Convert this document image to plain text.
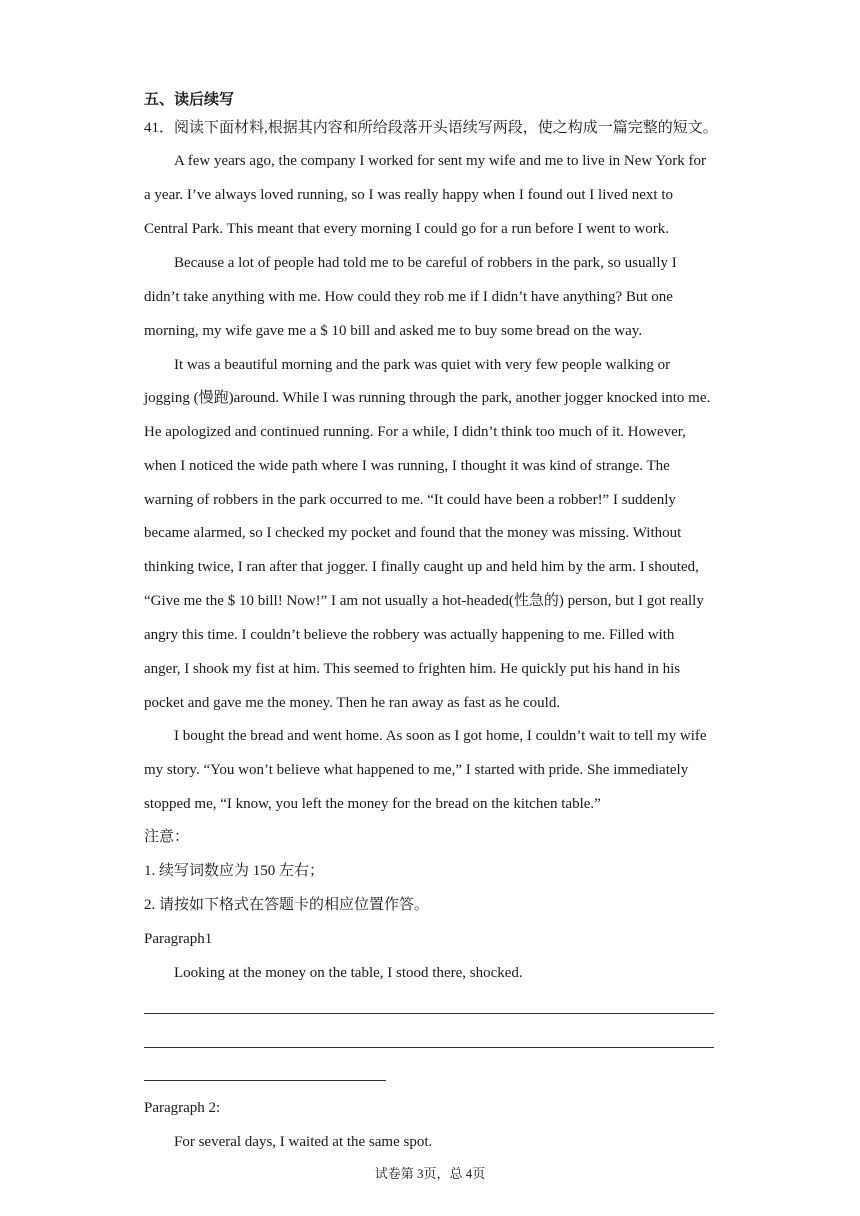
五、读后续写
41．阅读下面材料,根据其内容和所给段落开头语续写两段，使之构成一篇完整的短文。
A few years ago, the company I worked for sent my wife and me to live in New York for
a year. I’ve always loved running, so I was really happy when I found out I lived next to
Central Park. This meant that every morning I could go for a run before I went to work.
Because a lot of people had told me to be careful of robbers in the park, so usually I
didn’t take anything with me. How could they rob me if I didn’t have anything? But one
morning, my wife gave me a $ 10 bill and asked me to buy some bread on the way.
It was a beautiful morning and the park was quiet with very few people walking or
jogging (慢跑)around. While I was running through the park, another jogger knocked into me.
He apologized and continued running. For a while, I didn’t think too much of it. However,
when I noticed the wide path where I was running, I thought it was kind of strange. The
warning of robbers in the park occurred to me. “It could have been a robber!” I suddenly
became alarmed, so I checked my pocket and found that the money was missing. Without
thinking twice, I ran after that jogger. I finally caught up and held him by the arm. I shouted,
“Give me the $ 10 bill! Now!” I am not usually a hot-headed(性急的) person, but I got really
angry this time. I couldn’t believe the robbery was actually happening to me. Filled with
anger, I shook my fist at him. This seemed to frighten him. He quickly put his hand in his
pocket and gave me the money. Then he ran away as fast as he could.
I bought the bread and went home. As soon as I got home, I couldn’t wait to tell my wife
my story. “You won’t believe what happened to me,” I started with pride. She immediately
stopped me, “I know, you left the money for the bread on the kitchen table.”
注意：
1. 续写词数应为 150 左右；
2. 请按如下格式在答题卡的相应位置作答。
Paragraph1
Looking at the money on the table, I stood there, shocked.
Paragraph 2:
For several days, I waited at the same spot.
试卷第 3页，总 4页
